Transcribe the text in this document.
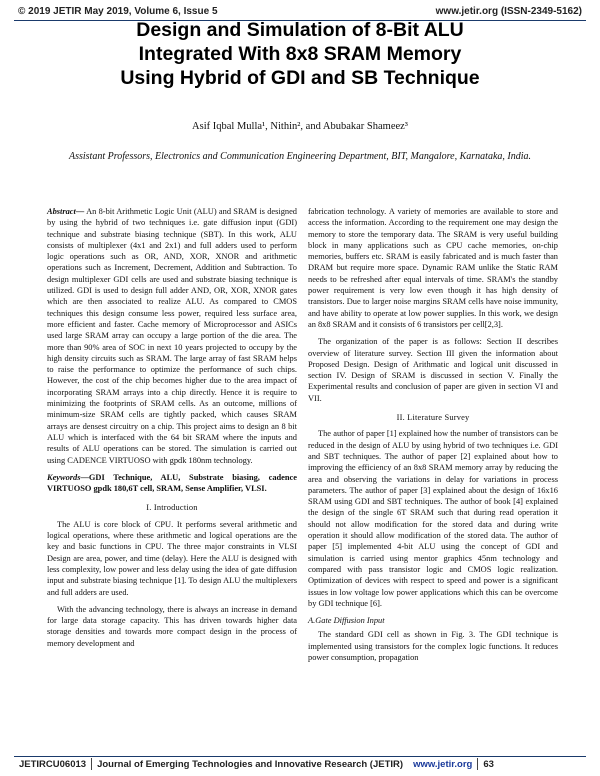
© 2019 JETIR May 2019, Volume 6, Issue 5	www.jetir.org (ISSN-2349-5162)
Design and Simulation of 8-Bit ALU
Integrated With 8x8 SRAM Memory
Using Hybrid of GDI and SB Technique
Asif Iqbal Mulla¹, Nithin², and Abubakar Shameez³
Assistant Professors, Electronics and Communication Engineering Department, BIT, Mangalore, Karnataka, India.

Abstract— An 8-bit Arithmetic Logic Unit (ALU) and SRAM is designed by using the hybrid of two techniques i.e. gate diffusion input (GDI) technique and substrate biasing technique (SBT). In this work, ALU consists of multiplexer (4x1 and 2x1) and full adders used to perform logic operations such as OR, AND, XOR, XNOR and arithmetic operations such as Increment, Decrement, Addition and Subtraction. To design multiplexer GDI cells are used and substrate biasing technique is utilized. GDI is used to design full adder AND, OR, XOR, XNOR gates which are then associated to realize ALU. As compared to CMOS techniques this design consume less power, required less surface area, more efficient and faster. Cache memory of Microprocessor and ASICs used large SRAM array can occupy a large portion of the die area. The more than 90% area of SOC in next 10 years projected to occupy by the high density circuits such as SRAM. The large array of fast SRAM helps to raise the performance to optimize the performance of such chips. However, the cost of the chip becomes higher due to the area impact of incorporating SRAM arrays into a chip directly. Hence it is require to minimizing the footprints of SRAM cells. As an outcome, millions of minimum-size SRAM cells are tightly packed, which causes SRAM arrays are densest circuitry on a chip. This project aims to design an 8 bit ALU which is interfaced with the 64 bit SRAM where the inputs and results of ALU operations can be stored. The simulation is carried out using CADENCE VIRTUOSO with gpdk 180nm technology.

Keywords—GDI Technique, ALU, Substrate biasing, cadence VIRTUOSO gpdk 180,6T cell, SRAM, Sense Amplifier, VLSI.

I. Introduction

The ALU is core block of CPU. It performs several arithmetic and logical operations, where these arithmetic and logical operations are the key and basic functions in CPU. The three major constraints in VLSI Design are area, power, and time (delay). Here the ALU is designed with less complexity, low power and less delay using the idea of gate diffusion input and substrate biasing technique [1]. To design ALU the multiplexers and full adders are used.

With the advancing technology, there is always an increase in demand for large data storage capacity. This has driven towards higher data storage densities and towards more compact design in the process of memory development and

fabrication technology. A variety of memories are available to store and access the information. According to the requirement one may design the memory to store the temporary data. The SRAM is very useful building block in many applications such as CPU cache memories, on-chip memories, buffers etc. SRAM is easily fabricated and is much faster than DRAM but require more space. Dynamic RAM unlike the Static RAM needs to be refreshed after equal intervals of time. SRAM's the standby power requirement is very low even though it has high density of transistors. Due to larger noise margins SRAM cells have noise immunity, and have ability to operate at low power supplies. In this work, we design an 8x8 SRAM and it consists of 6 transistors per cell[2,3].

The organization of the paper is as follows: Section II describes overview of literature survey. Section III given the information about Proposed Design. Design of Arithmatic and logical unit discussed in section IV. Design of SRAM is discussed in section V. Finally the Experimental results and conclusion of paper are given in section VI and VII.

II. Literature Survey

The author of paper [1] explained how the number of transistors can be reduced in the design of ALU by using hybrid of two techniques i.e. GDI and SBT techniques. The author of paper [2] explained about how to improving the efficiency of an 8x8 SRAM memory array by reducing the area and observing the variations in delay for variations in process parameters. The author of paper [3] explained about the design of 16x16 SRAM using GDI and SBT techniques. The author of book [4] explained the design of the single 6T SRAM such that during read operation it should not allow modification for the stored data and during write operation it should allow modification of the stored data. The author of paper [5] implemented 4-bit ALU using the concept of GDI and simulation is carried using mentor graphics 45nm technology and compared with pass transistor logic and CMOS logic realization. Optimization of devices with respect to speed and power is a significant issues in low voltage low power applications which this can be overcome by GDI technique [6].

A.Gate Diffusion Input

The standard GDI cell as shown in Fig. 3. The GDI technique is implemented using transistors for the complex logic functions. It reduces power consumption, propagation

JETIRCU06013	Journal of Emerging Technologies and Innovative Research (JETIR)	www.jetir.org	63
